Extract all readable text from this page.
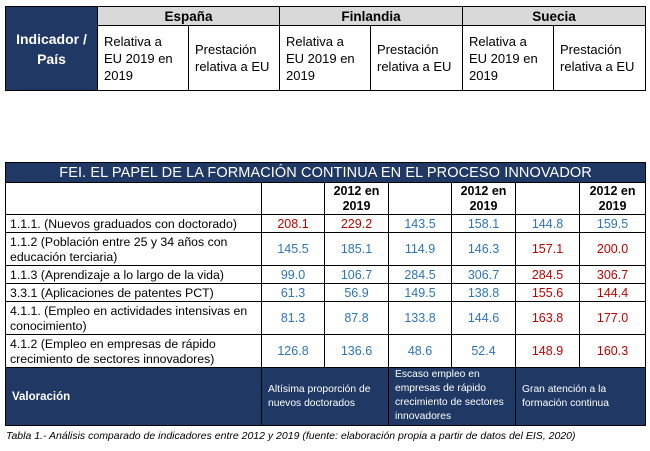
Indicador / País	España		Finlandia		Suecia	
	Relativa a EU 2019 en 2019	Prestación relativa a EU	Relativa a EU 2019 en 2019	Prestación relativa a EU	Relativa a EU 2019 en 2019	Prestación relativa a EU
FEI. EL PAPEL DE LA FORMACIÓN CONTINUA EN EL PROCESO INNOVADOR						
		2012 en 2019		2012 en 2019		2012 en 2019
1.1.1. (Nuevos graduados con doctorado)	208.1	229.2	143.5	158.1	144.8	159.5
1.1.2 (Población entre 25 y 34 años con educación terciaria)	145.5	185.1	114.9	146.3	157.1	200.0
1.1.3 (Aprendizaje a lo largo de la vida)	99.0	106.7	284.5	306.7	284.5	306.7
3.3.1 (Aplicaciones de patentes PCT)	61.3	56.9	149.5	138.8	155.6	144.4
4.1.1. (Empleo en actividades intensivas en conocimiento)	81.3	87.8	133.8	144.6	163.8	177.0
4.1.2 (Empleo en empresas de rápido crecimiento de sectores innovadores)	126.8	136.6	48.6	52.4	148.9	160.3
Valoración	Altísima proporción de nuevos doctorados		Escaso empleo en empresas de rápido crecimiento de sectores innovadores		Gran atención a la formación continua	
Tabla 1.- Análisis comparado de indicadores entre 2012 y 2019 (fuente: elaboración propia a partir de datos del EIS, 2020)
